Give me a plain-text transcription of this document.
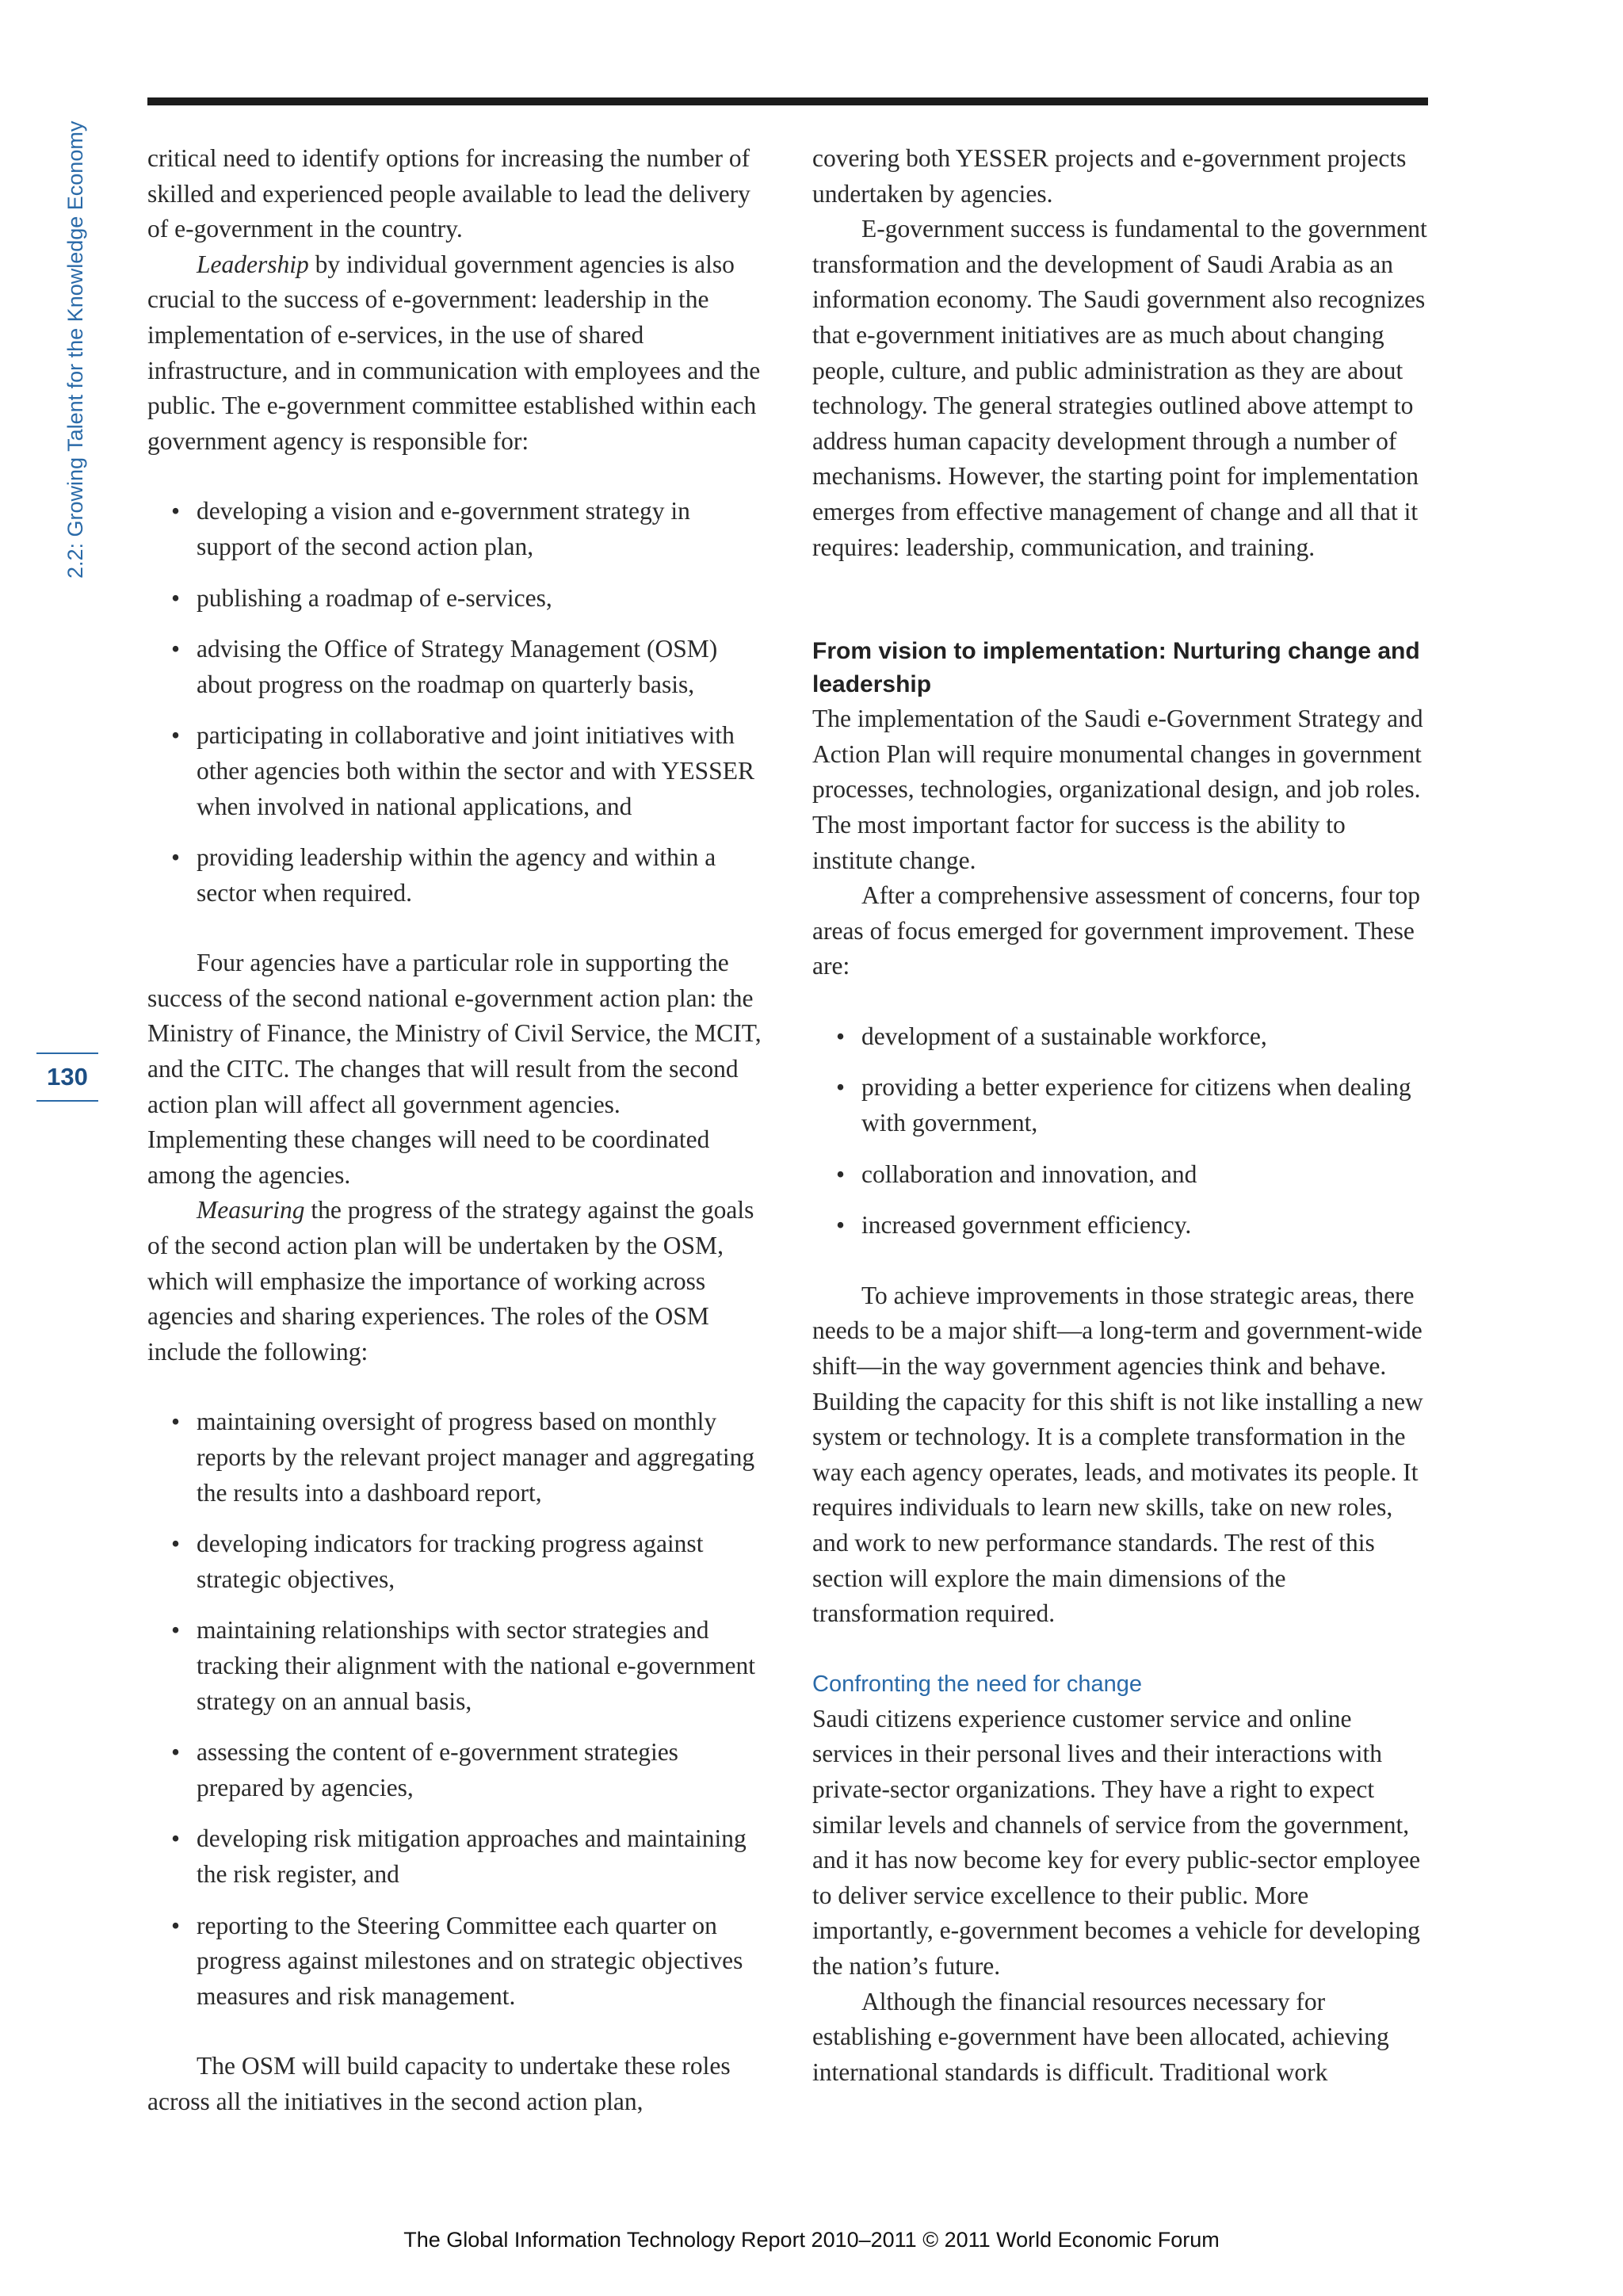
2.2: Growing Talent for the Knowledge Economy
130

critical need to identify options for increasing the number of skilled and experienced people available to lead the delivery of e-government in the country.

Leadership by individual government agencies is also crucial to the success of e-government: leadership in the implementation of e-services, in the use of shared infrastructure, and in communication with employees and the public. The e-government committee established within each government agency is responsible for:

• developing a vision and e-government strategy in support of the second action plan,
• publishing a roadmap of e-services,
• advising the Office of Strategy Management (OSM) about progress on the roadmap on quarterly basis,
• participating in collaborative and joint initiatives with other agencies both within the sector and with YESSER when involved in national applications, and
• providing leadership within the agency and within a sector when required.

Four agencies have a particular role in supporting the success of the second national e-government action plan: the Ministry of Finance, the Ministry of Civil Service, the MCIT, and the CITC. The changes that will result from the second action plan will affect all government agencies. Implementing these changes will need to be coordinated among the agencies.

Measuring the progress of the strategy against the goals of the second action plan will be undertaken by the OSM, which will emphasize the importance of working across agencies and sharing experiences. The roles of the OSM include the following:

• maintaining oversight of progress based on monthly reports by the relevant project manager and aggregating the results into a dashboard report,
• developing indicators for tracking progress against strategic objectives,
• maintaining relationships with sector strategies and tracking their alignment with the national e-government strategy on an annual basis,
• assessing the content of e-government strategies prepared by agencies,
• developing risk mitigation approaches and maintaining the risk register, and
• reporting to the Steering Committee each quarter on progress against milestones and on strategic objectives measures and risk management.

The OSM will build capacity to undertake these roles across all the initiatives in the second action plan,

covering both YESSER projects and e-government projects undertaken by agencies.

E-government success is fundamental to the government transformation and the development of Saudi Arabia as an information economy. The Saudi government also recognizes that e-government initiatives are as much about changing people, culture, and public administration as they are about technology. The general strategies outlined above attempt to address human capacity development through a number of mechanisms. However, the starting point for implementation emerges from effective management of change and all that it requires: leadership, communication, and training.

From vision to implementation: Nurturing change and leadership

The implementation of the Saudi e-Government Strategy and Action Plan will require monumental changes in government processes, technologies, organizational design, and job roles. The most important factor for success is the ability to institute change.

After a comprehensive assessment of concerns, four top areas of focus emerged for government improvement. These are:

• development of a sustainable workforce,
• providing a better experience for citizens when dealing with government,
• collaboration and innovation, and
• increased government efficiency.

To achieve improvements in those strategic areas, there needs to be a major shift—a long-term and government-wide shift—in the way government agencies think and behave. Building the capacity for this shift is not like installing a new system or technology. It is a complete transformation in the way each agency operates, leads, and motivates its people. It requires individuals to learn new skills, take on new roles, and work to new performance standards. The rest of this section will explore the main dimensions of the transformation required.

Confronting the need for change

Saudi citizens experience customer service and online services in their personal lives and their interactions with private-sector organizations. They have a right to expect similar levels and channels of service from the government, and it has now become key for every public-sector employee to deliver service excellence to their public. More importantly, e-government becomes a vehicle for developing the nation’s future.

Although the financial resources necessary for establishing e-government have been allocated, achieving international standards is difficult. Traditional work

The Global Information Technology Report 2010–2011 © 2011 World Economic Forum
